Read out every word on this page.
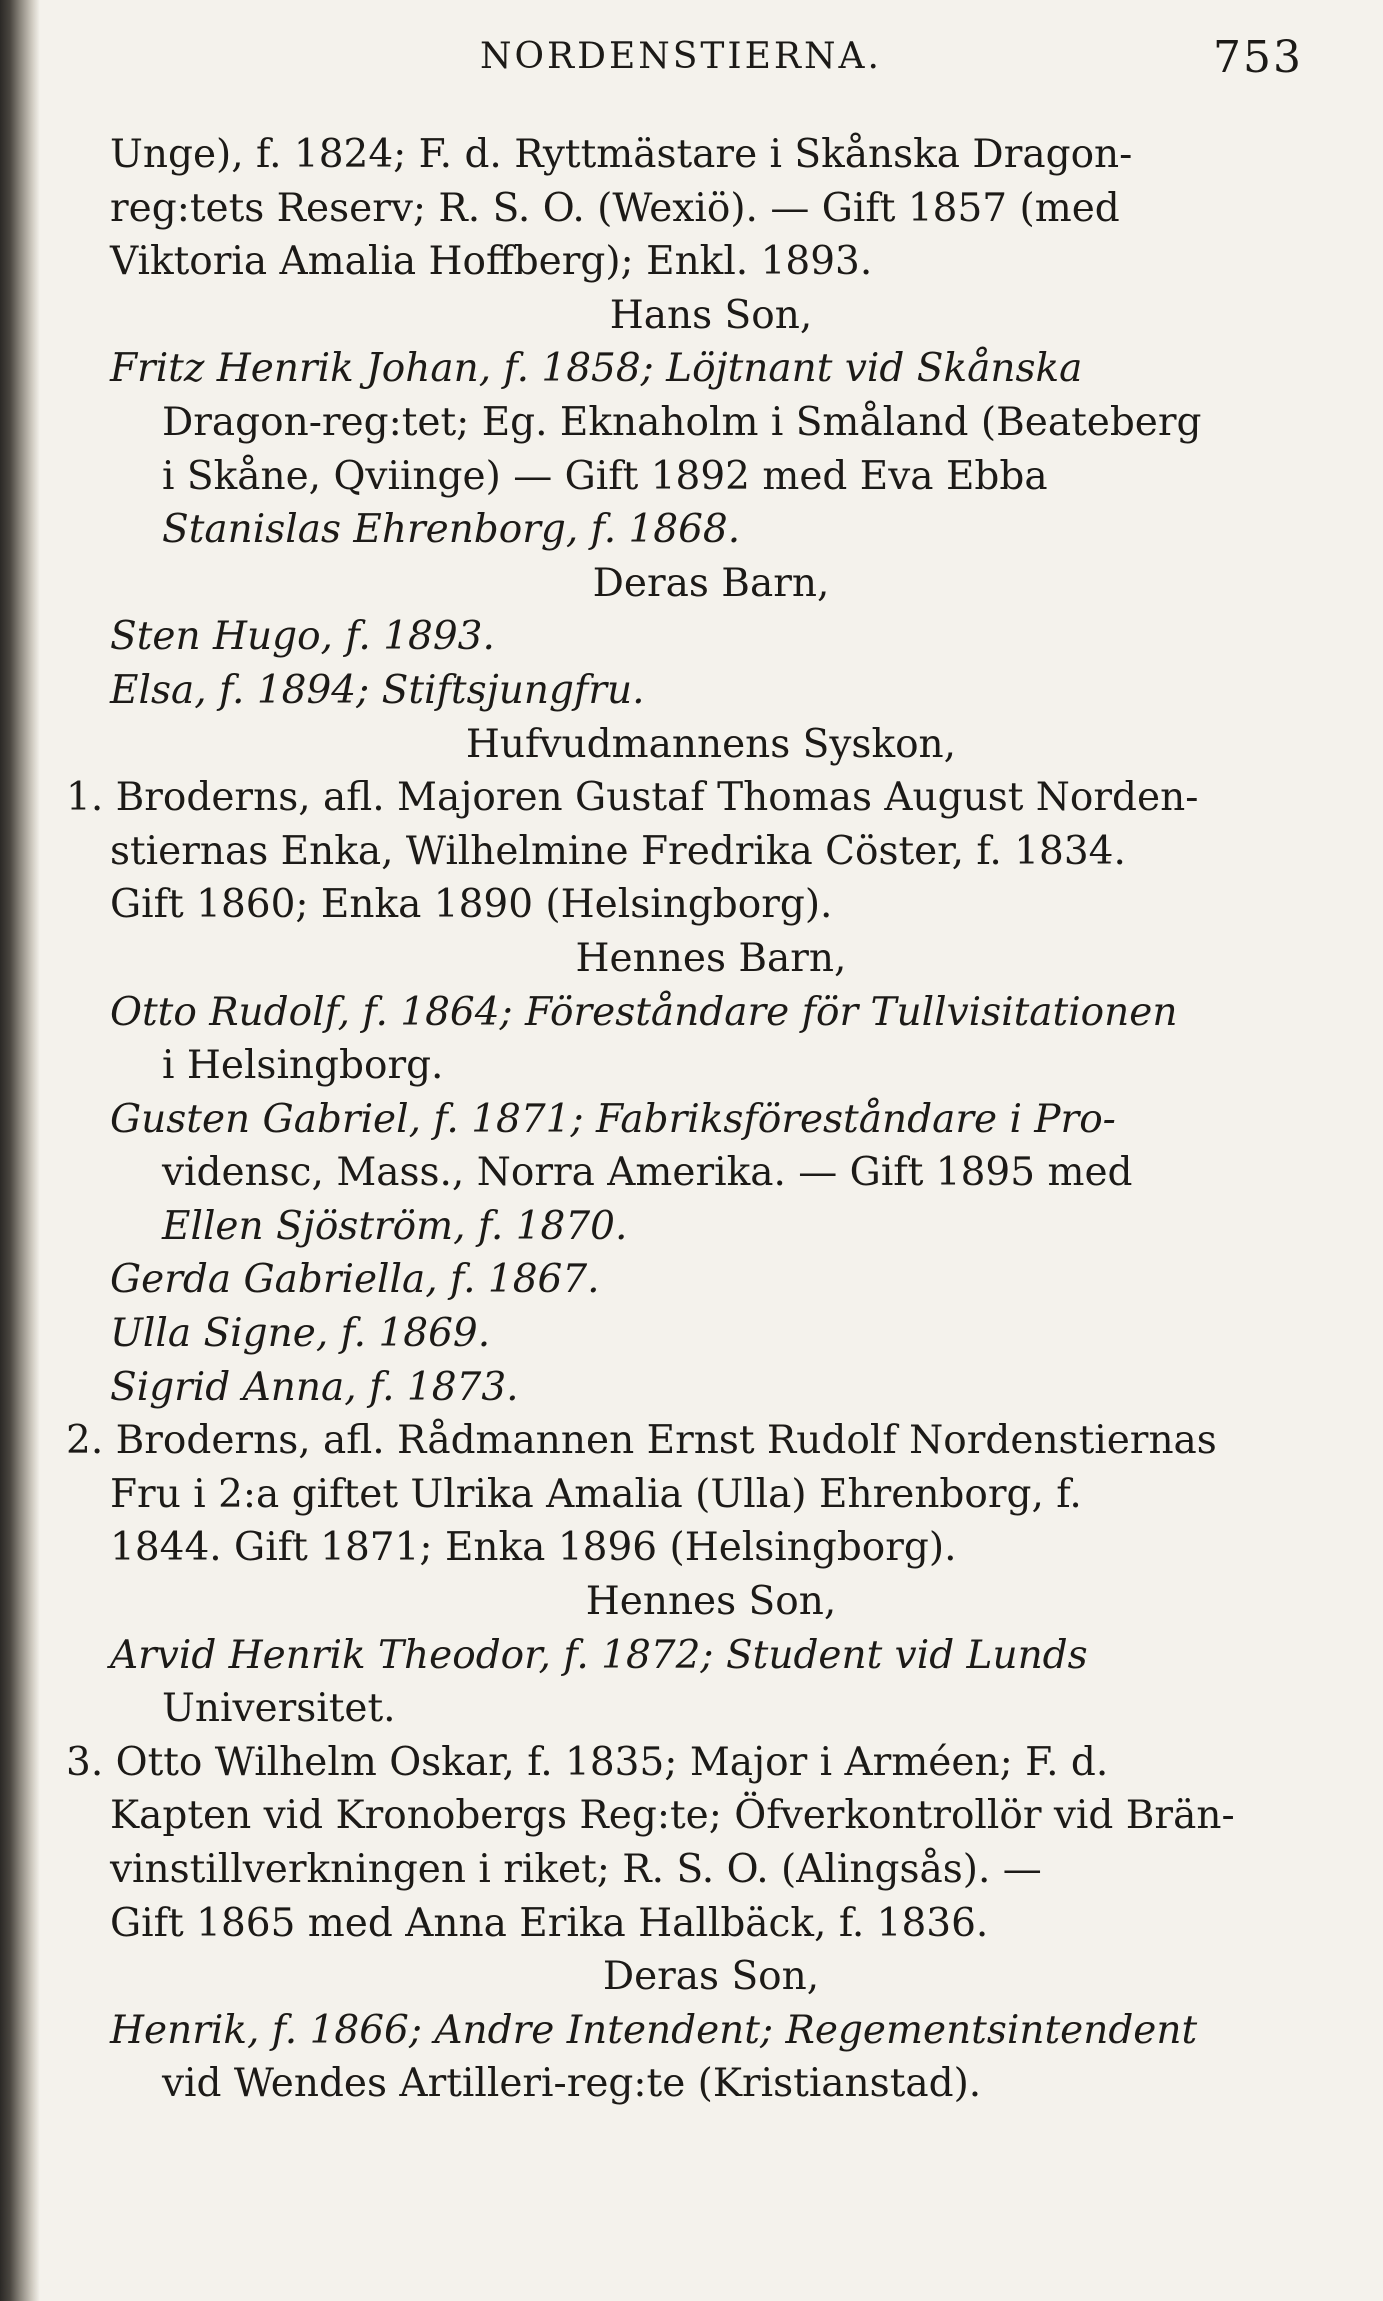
NORDENSTIERNA.	753
Unge), f. 1824; F. d. Ryttmästare i Skånska Dragon-
reg:tets Reserv; R. S. O. (Wexiö). — Gift 1857 (med
Viktoria Amalia Hoffberg); Enkl. 1893.
Hans Son,
Fritz Henrik Johan, f. 1858; Löjtnant vid Skånska
Dragon-reg:tet; Eg. Eknaholm i Småland (Beateberg
i Skåne, Qviinge) — Gift 1892 med Eva Ebba
Stanislas Ehrenborg, f. 1868.
Deras Barn,
Sten Hugo, f. 1893.
Elsa, f. 1894; Stiftsjungfru.
Hufvudmannens Syskon,
1. Broderns, afl. Majoren Gustaf Thomas August Norden-
stiernas Enka, Wilhelmine Fredrika Cöster, f. 1834.
Gift 1860; Enka 1890 (Helsingborg).
Hennes Barn,
Otto Rudolf, f. 1864; Föreståndare för Tullvisitationen
i Helsingborg.
Gusten Gabriel, f. 1871; Fabriksföreståndare i Pro-
vidensc, Mass., Norra Amerika. — Gift 1895 med
Ellen Sjöström, f. 1870.
Gerda Gabriella, f. 1867.
Ulla Signe, f. 1869.
Sigrid Anna, f. 1873.
2. Broderns, afl. Rådmannen Ernst Rudolf Nordenstiernas
Fru i 2:a giftet Ulrika Amalia (Ulla) Ehrenborg, f.
1844. Gift 1871; Enka 1896 (Helsingborg).
Hennes Son,
Arvid Henrik Theodor, f. 1872; Student vid Lunds
Universitet.
3. Otto Wilhelm Oskar, f. 1835; Major i Arméen; F. d.
Kapten vid Kronobergs Reg:te; Öfverkontrollör vid Brän-
vinstillverkningen i riket; R. S. O. (Alingsås). —
Gift 1865 med Anna Erika Hallbäck, f. 1836.
Deras Son,
Henrik, f. 1866; Andre Intendent; Regementsintendent
vid Wendes Artilleri-reg:te (Kristianstad).
